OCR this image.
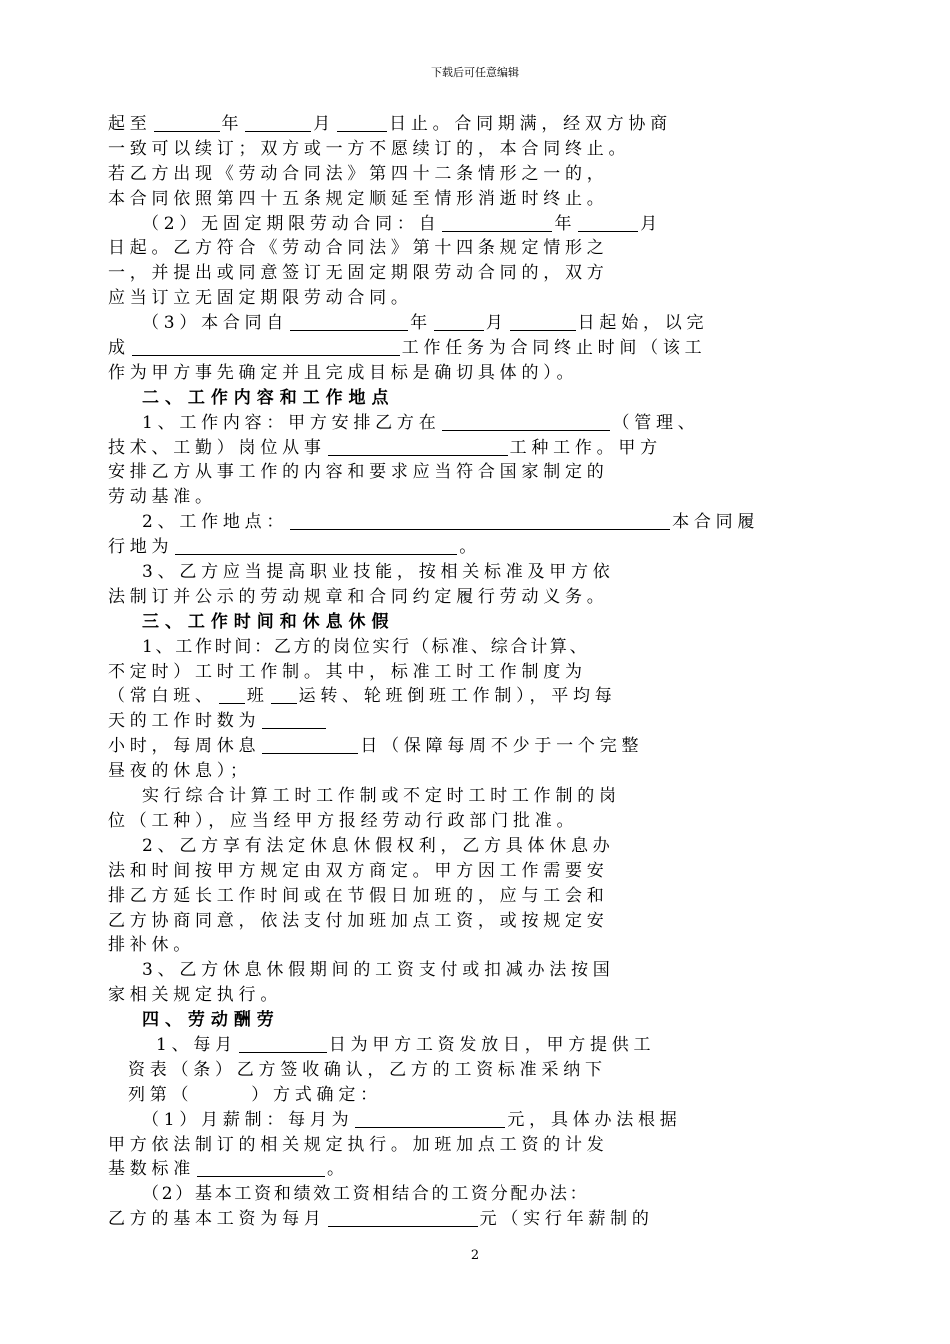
下载后可任意编辑
起至	年	月	日止。合同期满，经双方协商
一致可以续订；双方或一方不愿续订的，本合同终止。
若乙方出现《劳动合同法》第四十二条情形之一的，
本合同依照第四十五条规定顺延至情形消逝时终止。
（2）无固定期限劳动合同：自	年	月
日起。乙方符合《劳动合同法》第十四条规定情形之
一，并提出或同意签订无固定期限劳动合同的，双方
应当订立无固定期限劳动合同。
（3）本合同自	年	月	日起始，以完
成	工作任务为合同终止时间（该工
作为甲方事先确定并且完成目标是确切具体的）。
二、工作内容和工作地点
1、工作内容：甲方安排乙方在	（管理、
技术、工勤）岗位从事	工种工作。甲方
安排乙方从事工作的内容和要求应当符合国家制定的
劳动基准。
2、工作地点：	本合同履
行地为	。
3、乙方应当提高职业技能，按相关标准及甲方依
法制订并公示的劳动规章和合同约定履行劳动义务。
三、工作时间和休息休假
1、工作时间：乙方的岗位实行（标准、综合计算、
不定时）工时工作制。其中，标准工时工作制度为
（常白班、 班 运转、轮班倒班工作制），平均每
天的工作时数为
小时，每周休息	日（保障每周不少于一个完整
昼夜的休息）；
实行综合计算工时工作制或不定时工时工作制的岗
位（工种），应当经甲方报经劳动行政部门批准。
2、乙方享有法定休息休假权利，乙方具体休息办
法和时间按甲方规定由双方商定。甲方因工作需要安
排乙方延长工作时间或在节假日加班的，应与工会和
乙方协商同意，依法支付加班加点工资，或按规定安
排补休。
3、乙方休息休假期间的工资支付或扣减办法按国
家相关规定执行。
四、劳动酬劳
1、每月	日为甲方工资发放日，甲方提供工
资表（条）乙方签收确认，乙方的工资标准采纳下
列第（	）方式确定：
（1）月薪制：每月为	元，具体办法根据
甲方依法制订的相关规定执行。加班加点工资的计发
基数标准	。
（2）基本工资和绩效工资相结合的工资分配办法：
乙方的基本工资为每月	元（实行年薪制的
2
